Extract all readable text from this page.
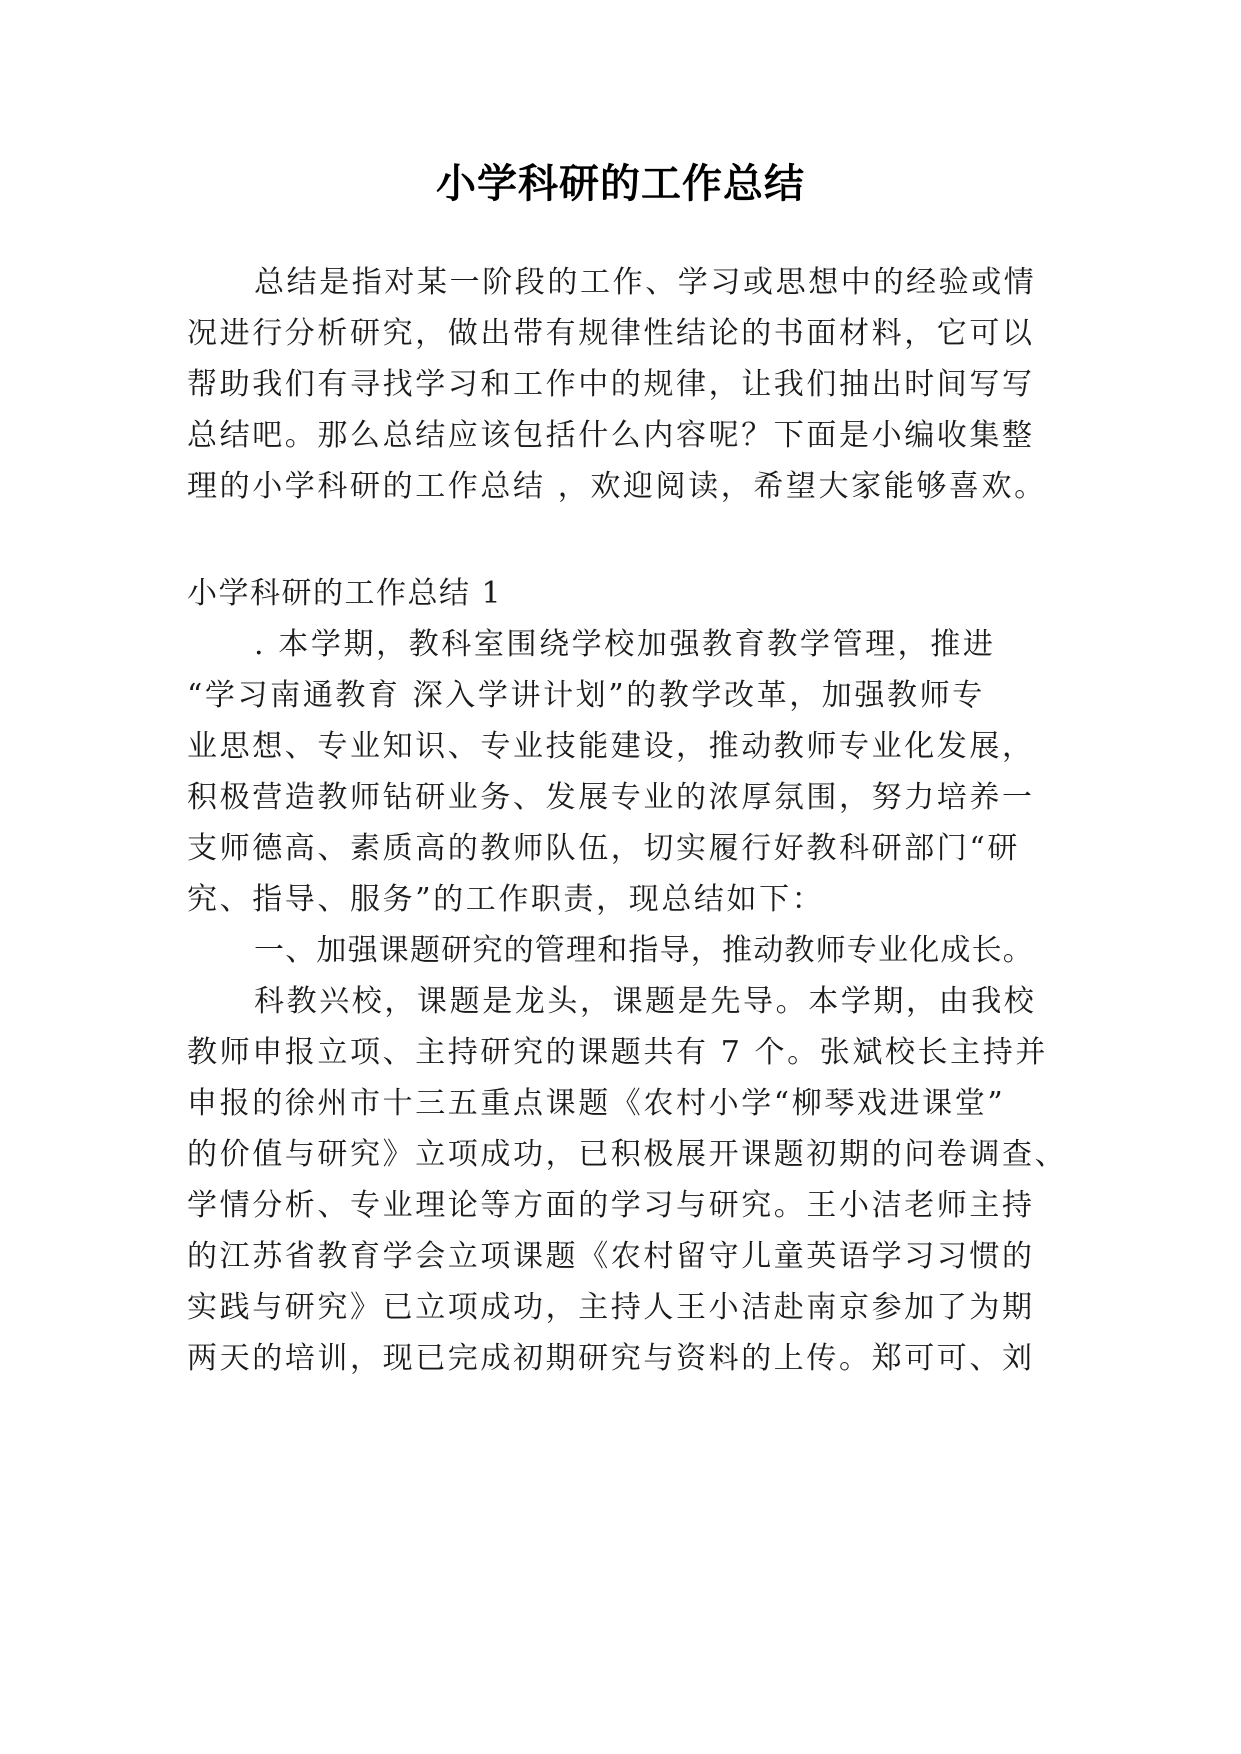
小学科研的工作总结
总结是指对某一阶段的工作、学习或思想中的经验或情
况进行分析研究，做出带有规律性结论的书面材料，它可以
帮助我们有寻找学习和工作中的规律，让我们抽出时间写写
总结吧。那么总结应该包括什么内容呢？下面是小编收集整
理的小学科研的工作总结 ，欢迎阅读，希望大家能够喜欢。
小学科研的工作总结 1
. 本学期，教科室围绕学校加强教育教学管理，推进
“学习南通教育 深入学讲计划”的教学改革，加强教师专
业思想、专业知识、专业技能建设，推动教师专业化发展，
积极营造教师钻研业务、发展专业的浓厚氛围，努力培养一
支师德高、素质高的教师队伍，切实履行好教科研部门“研
究、指导、服务”的工作职责，现总结如下：
一、加强课题研究的管理和指导，推动教师专业化成长。
科教兴校，课题是龙头，课题是先导。本学期，由我校
教师申报立项、主持研究的课题共有 7 个。张斌校长主持并
申报的徐州市十三五重点课题《农村小学“柳琴戏进课堂”
的价值与研究》立项成功，已积极展开课题初期的问卷调查、
学情分析、专业理论等方面的学习与研究。王小洁老师主持
的江苏省教育学会立项课题《农村留守儿童英语学习习惯的
实践与研究》已立项成功，主持人王小洁赴南京参加了为期
两天的培训，现已完成初期研究与资料的上传。郑可可、刘
